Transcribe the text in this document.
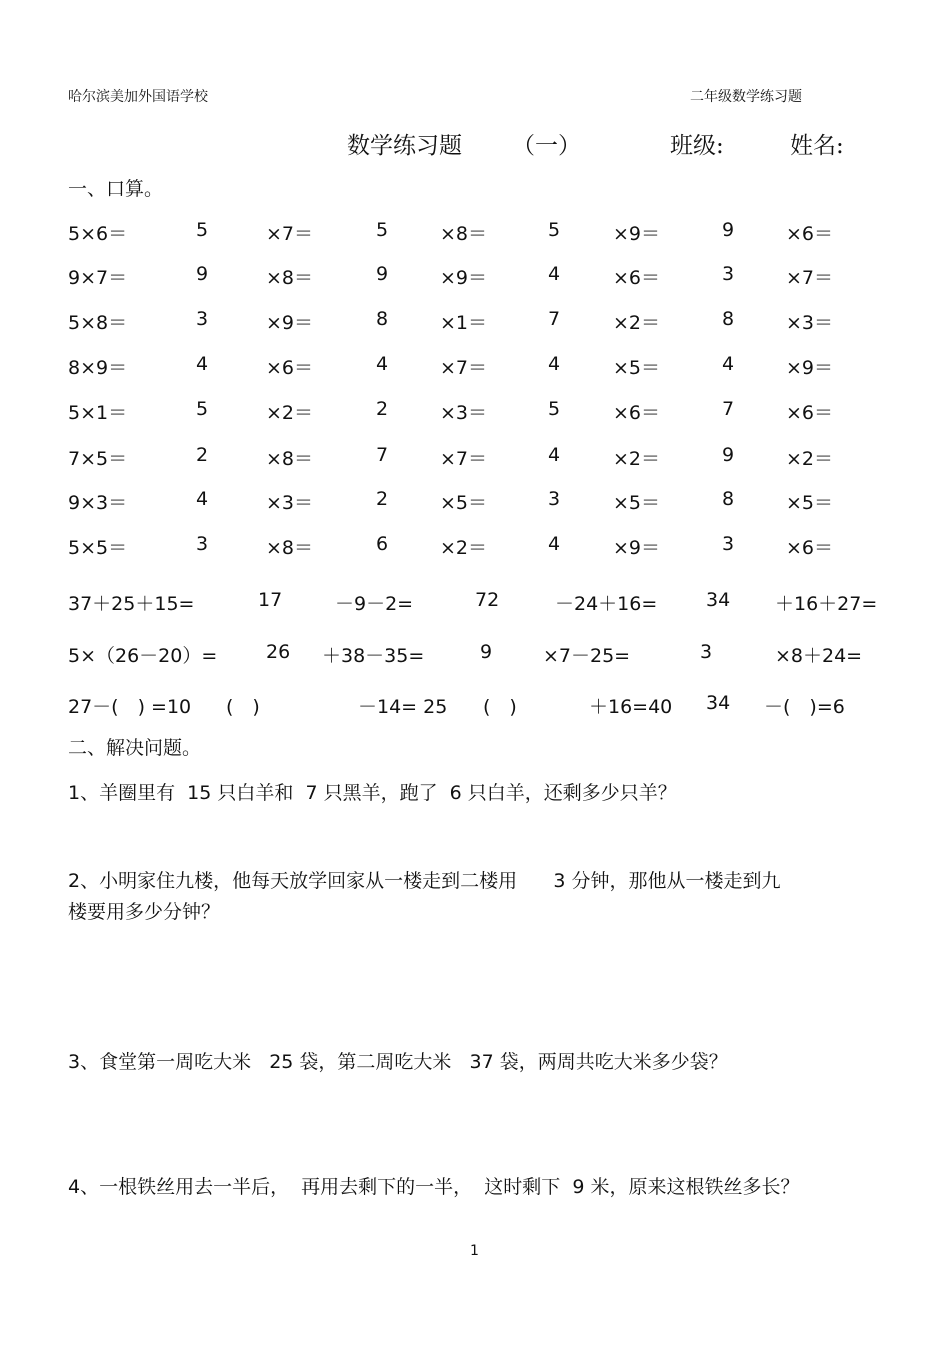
哈尔滨美加外国语学校	二年级数学练习题
数学练习题 （一）	班级:	姓名:
一、口算。
5×6＝	5	×7＝	5	×8＝	5	×9＝	9	×6＝
9×7＝	9	×8＝	9	×9＝	4	×6＝	3	×7＝
5×8＝	3	×9＝	8	×1＝	7	×2＝	8	×3＝
8×9＝	4	×6＝	4	×7＝	4	×5＝	4	×9＝
5×1＝	5	×2＝	2	×3＝	5	×6＝	7	×6＝
7×5＝	2	×8＝	7	×7＝	4	×2＝	9	×2＝
9×3＝	4	×3＝	2	×5＝	3	×5＝	8	×5＝
5×5＝	3	×8＝	6	×2＝	4	×9＝	3	×6＝
37＋25＋15=	17	－9－2=	72	－24＋16=	34 ＋16＋27=
5×（26－20）=	26 ＋38－35=	9	×7－25=	3	×8＋24=
27－(　) =10 (　)	－14= 25 (　)	＋16=40 34 －(　)=6
二、解决问题。
1、羊圈里有  15 只白羊和  7 只黑羊，跑了  6 只白羊，还剩多少只羊？
2、小明家住九楼，他每天放学回家从一楼走到二楼用      3 分钟，那他从一楼走到九
楼要用多少分钟？
3、食堂第一周吃大米   25 袋，第二周吃大米   37 袋，两周共吃大米多少袋？
4、一根铁丝用去一半后，  再用去剩下的一半，  这时剩下  9 米，原来这根铁丝多长？
1
